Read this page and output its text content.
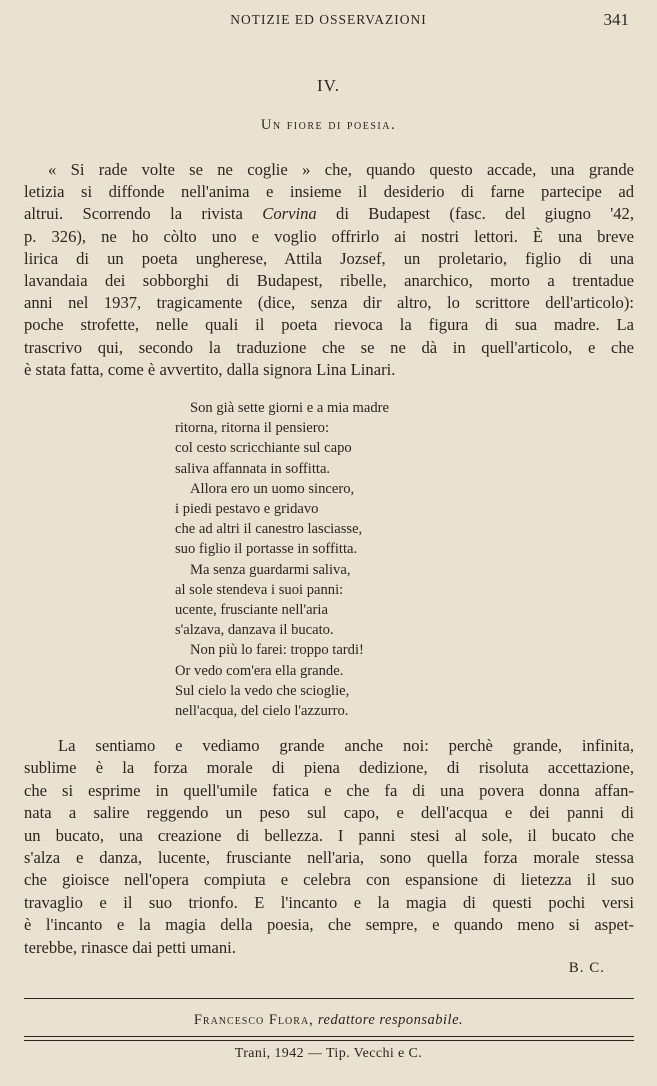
NOTIZIE ED OSSERVAZIONI	341
IV.
Un fiore di poesia.
« Si rade volte se ne coglie » che, quando questo accade, una grande
letizia si diffonde nell'anima e insieme il desiderio di farne partecipe ad
altrui. Scorrendo la rivista Corvina di Budapest (fasc. del giugno '42,
p. 326), ne ho còlto uno e voglio offrirlo ai nostri lettori. È una breve
lirica di un poeta ungherese, Attila Jozsef, un proletario, figlio di una
lavandaia dei sobborghi di Budapest, ribelle, anarchico, morto a trentadue
anni nel 1937, tragicamente (dice, senza dir altro, lo scrittore dell'articolo):
poche strofette, nelle quali il poeta rievoca la figura di sua madre. La
trascrivo qui, secondo la traduzione che se ne dà in quell'articolo, e che
è stata fatta, come è avvertito, dalla signora Lina Linari.
Son già sette giorni e a mia madre
ritorna, ritorna il pensiero:
col cesto scricchiante sul capo
saliva affannata in soffitta.
Allora ero un uomo sincero,
i piedi pestavo e gridavo
che ad altri il canestro lasciasse,
suo figlio il portasse in soffitta.
Ma senza guardarmi saliva,
al sole stendeva i suoi panni:
ucente, frusciante nell'aria
s'alzava, danzava il bucato.
Non più lo farei: troppo tardi!
Or vedo com'era ella grande.
Sul cielo la vedo che scioglie,
nell'acqua, del cielo l'azzurro.
La sentiamo e vediamo grande anche noi: perchè grande, infinita,
sublime è la forza morale di piena dedizione, di risoluta accettazione,
che si esprime in quell'umile fatica e che fa di una povera donna affan-
nata a salire reggendo un peso sul capo, e dell'acqua e dei panni di
un bucato, una creazione di bellezza. I panni stesi al sole, il bucato che
s'alza e danza, lucente, frusciante nell'aria, sono quella forza morale stessa
che gioisce nell'opera compiuta e celebra con espansione di lietezza il suo
travaglio e il suo trionfo. E l'incanto e la magia di questi pochi versi
è l'incanto e la magia della poesia, che sempre, e quando meno si aspet-
terebbe, rinasce dai petti umani.
B. C.
Francesco Flora, redattore responsabile.
Trani, 1942 — Tip. Vecchi e C.
